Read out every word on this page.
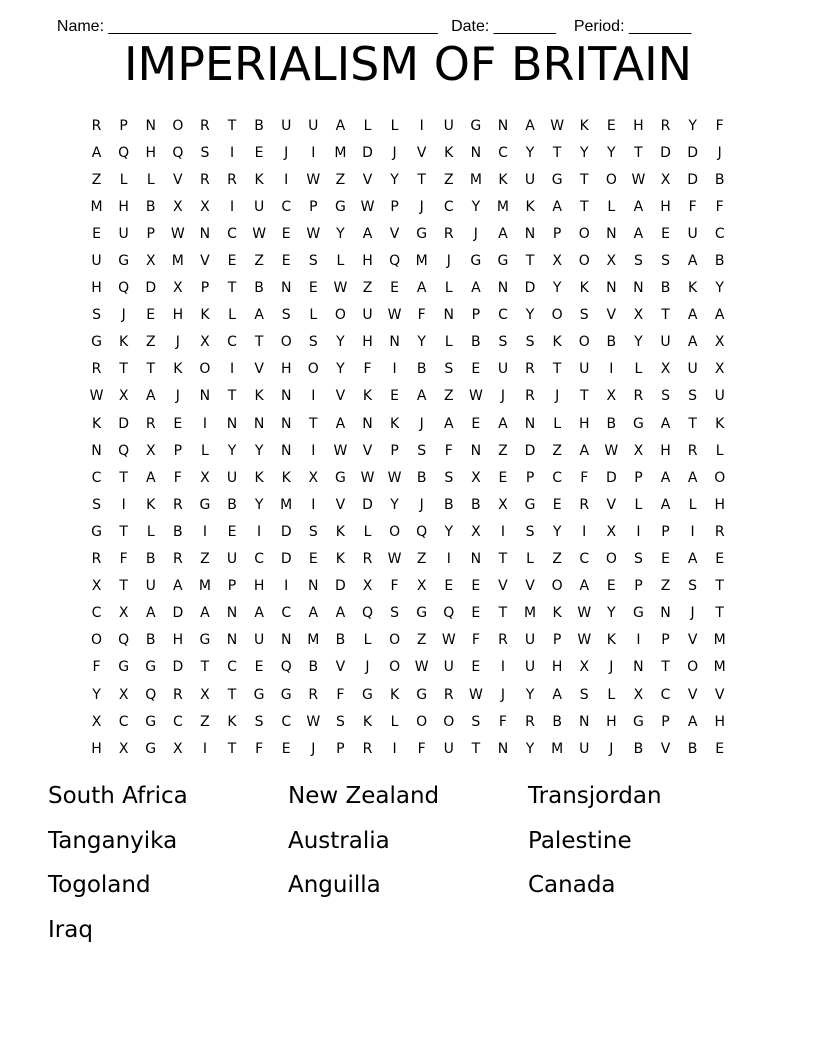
Name: _____________________________________ Date: _______ Period: _______

IMPERIALISM OF BRITAIN
R	P	N	O	R	T	B	U	U	A	L	L	I	U	G	N	A	W	K	E	H	R	Y	F
A	Q	H	Q	S	I	E	J	I	M	D	J	V	K	N	C	Y	T	Y	Y	T	D	D	J
Z	L	L	V	R	R	K	I	W	Z	V	Y	T	Z	M	K	U	G	T	O	W	X	D	B
M	H	B	X	X	I	U	C	P	G	W	P	J	C	Y	M	K	A	T	L	A	H	F	F
E	U	P	W	N	C	W	E	W	Y	A	V	G	R	J	A	N	P	O	N	A	E	U	C
U	G	X	M	V	E	Z	E	S	L	H	Q	M	J	G	G	T	X	O	X	S	S	A	B
H	Q	D	X	P	T	B	N	E	W	Z	E	A	L	A	N	D	Y	K	N	N	B	K	Y
S	J	E	H	K	L	A	S	L	O	U	W	F	N	P	C	Y	O	S	V	X	T	A	A
G	K	Z	J	X	C	T	O	S	Y	H	N	Y	L	B	S	S	K	O	B	Y	U	A	X
R	T	T	K	O	I	V	H	O	Y	F	I	B	S	E	U	R	T	U	I	L	X	U	X
W	X	A	J	N	T	K	N	I	V	K	E	A	Z	W	J	R	J	T	X	R	S	S	U
K	D	R	E	I	N	N	N	T	A	N	K	J	A	E	A	N	L	H	B	G	A	T	K
N	Q	X	P	L	Y	Y	N	I	W	V	P	S	F	N	Z	D	Z	A	W	X	H	R	L
C	T	A	F	X	U	K	K	X	G	W W	B	S	X	E	P	C	F	D	P	A	A	O
S	I	K	R	G	B	Y	M	I	V	D	Y	J	B	B	X	G	E	R	V	L	A	L	H
G	T	L	B	I	E	I	D	S	K	L	O	Q	Y	X	I	S	Y	I	X	I	P	I	R
R	F	B	R	Z	U	C	D	E	K	R	W	Z	I	N	T	L	Z	C	O	S	E	A	E
X	T	U	A	M	P	H	I	N	D	X	F	X	E	E	V	V	O	A	E	P	Z	S	T
C	X	A	D	A	N	A	C	A	A	Q	S	G	Q	E	T	M	K	W	Y	G	N	J	T
O	Q	B	H	G	N	U	N	M	B	L	O	Z	W	F	R	U	P	W	K	I	P	V	M
F	G	G	D	T	C	E	Q	B	V	J	O	W	U	E	I	U	H	X	J	N	T	O	M
Y	X	Q	R	X	T	G	G	R	F	G	K	G	R	W	J	Y	A	S	L	X	C	V	V
X	C	G	C	Z	K	S	C	W	S	K	L	O	O	S	F	R	B	N	H	G	P	A	H
H	X	G	X	I	T	F	E	J	P	R	I	F	U	T	N	Y	M	U	J	B	V	B	E
South Africa	New Zealand	Transjordan
Tanganyika	Australia	Palestine
Togoland	Anguilla	Canada
Iraq
